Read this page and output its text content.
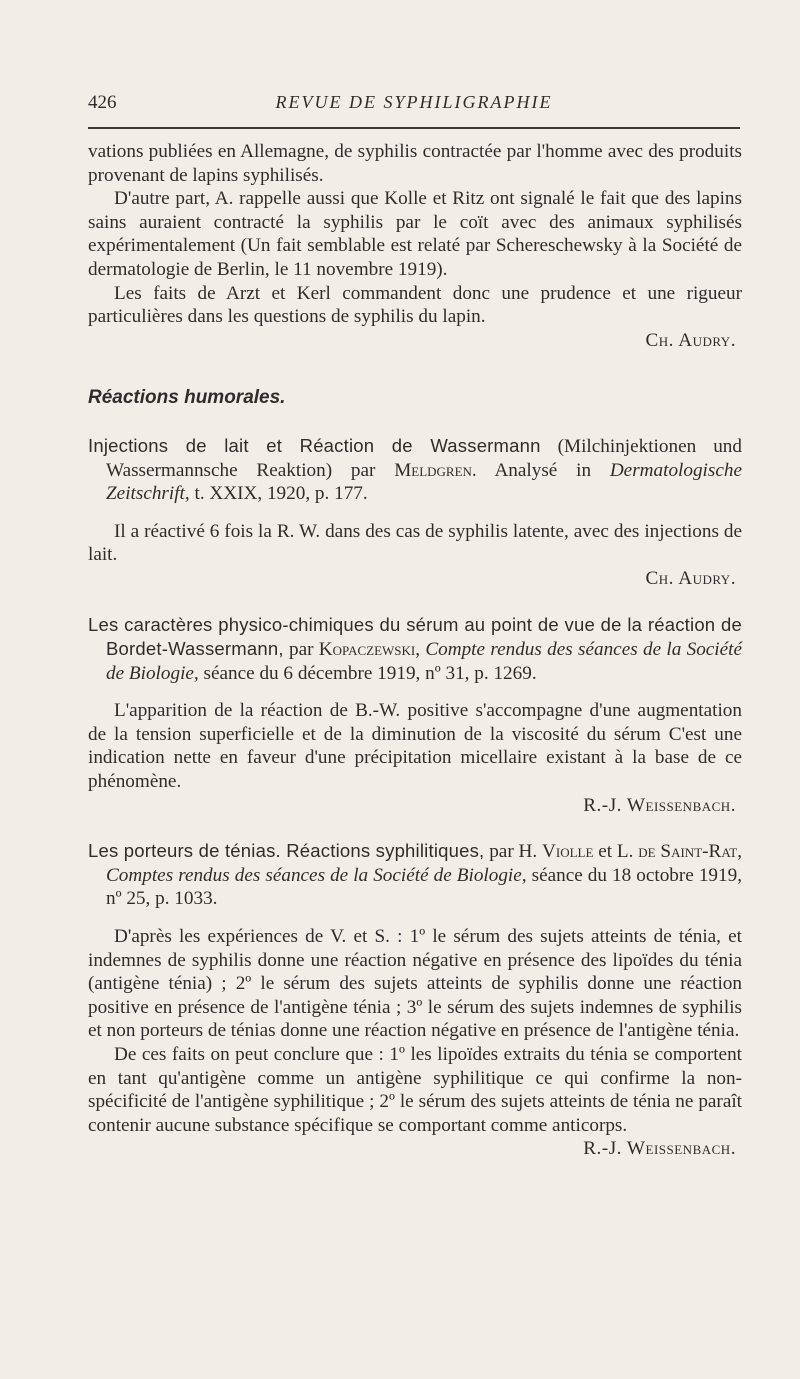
426	REVUE DE SYPHILIGRAPHIE

vations publiées en Allemagne, de syphilis contractée par l'homme avec des produits provenant de lapins syphilisés.

D'autre part, A. rappelle aussi que Kolle et Ritz ont signalé le fait que des lapins sains auraient contracté la syphilis par le coït avec des animaux syphilisés expérimentalement (Un fait semblable est relaté par Schereschewsky à la Société de dermatologie de Berlin, le 11 novembre 1919).

Les faits de Arzt et Kerl commandent donc une prudence et une rigueur particulières dans les questions de syphilis du lapin.

Ch. Audry.

Réactions humorales.

Injections de lait et Réaction de Wassermann (Milchinjektionen und Wassermannsche Reaktion) par Meldgren. Analysé in Dermatologische Zeitschrift, t. XXIX, 1920, p. 177.

Il a réactivé 6 fois la R. W. dans des cas de syphilis latente, avec des injections de lait.

Ch. Audry.

Les caractères physico-chimiques du sérum au point de vue de la réaction de Bordet-Wassermann, par Kopaczewski, Compte rendus des séances de la Société de Biologie, séance du 6 décembre 1919, nº 31, p. 1269.

L'apparition de la réaction de B.-W. positive s'accompagne d'une augmentation de la tension superficielle et de la diminution de la viscosité du sérum C'est une indication nette en faveur d'une précipitation micellaire existant à la base de ce phénomène.

R.-J. Weissenbach.

Les porteurs de ténias. Réactions syphilitiques, par H. Violle et L. de Saint-Rat, Comptes rendus des séances de la Société de Biologie, séance du 18 octobre 1919, nº 25, p. 1033.

D'après les expériences de V. et S. : 1º le sérum des sujets atteints de ténia, et indemnes de syphilis donne une réaction négative en présence des lipoïdes du ténia (antigène ténia) ; 2º le sérum des sujets atteints de syphilis donne une réaction positive en présence de l'antigène ténia ; 3º le sérum des sujets indemnes de syphilis et non porteurs de ténias donne une réaction négative en présence de l'antigène ténia.

De ces faits on peut conclure que : 1º les lipoïdes extraits du ténia se comportent en tant qu'antigène comme un antigène syphilitique ce qui confirme la non-spécificité de l'antigène syphilitique ; 2º le sérum des sujets atteints de ténia ne paraît contenir aucune substance spécifique se comportant comme anticorps.

R.-J. Weissenbach.
